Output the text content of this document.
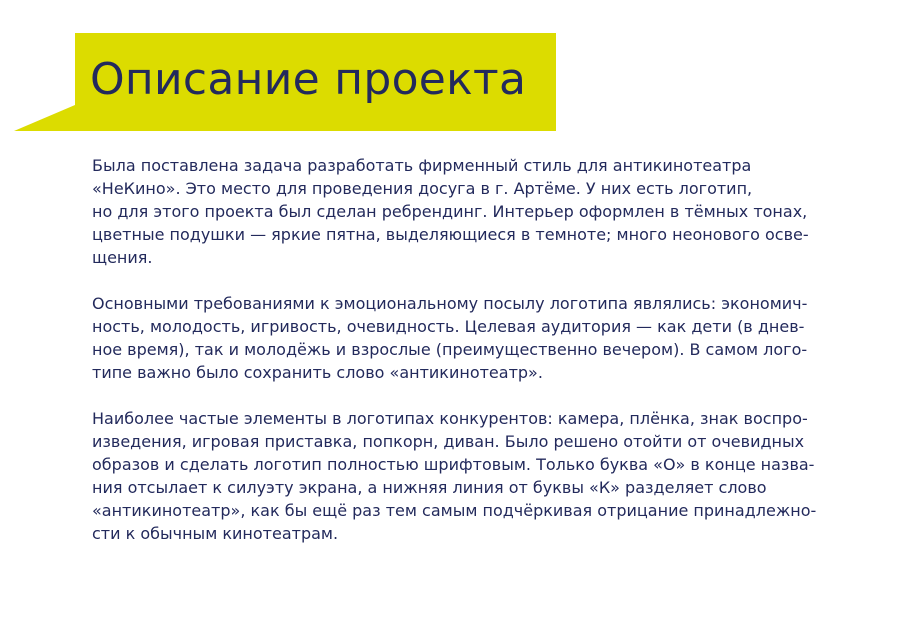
Описание проекта

Была поставлена задача разработать фирменный стиль для антикинотеатра
«НеКино». Это место для проведения досуга в г. Артёме. У них есть логотип,
но для этого проекта был сделан ребрендинг. Интерьер оформлен в тёмных тонах,
цветные подушки — яркие пятна, выделяющиеся в темноте; много неонового осве-
щения.

Основными требованиями к эмоциональному посылу логотипа являлись: экономич-
ность, молодость, игривость, очевидность. Целевая аудитория — как дети (в днев-
ное время), так и молодёжь и взрослые (преимущественно вечером). В самом лого-
типе важно было сохранить слово «антикинотеатр».

Наиболее частые элементы в логотипах конкурентов: камера, плёнка, знак воспро-
изведения, игровая приставка, попкорн, диван. Было решено отойти от очевидных
образов и сделать логотип полностью шрифтовым. Только буква «О» в конце назва-
ния отсылает к силуэту экрана, а нижняя линия от буквы «К» разделяет слово
«антикинотеатр», как бы ещё раз тем самым подчёркивая отрицание принадлежно-
сти к обычным кинотеатрам.
